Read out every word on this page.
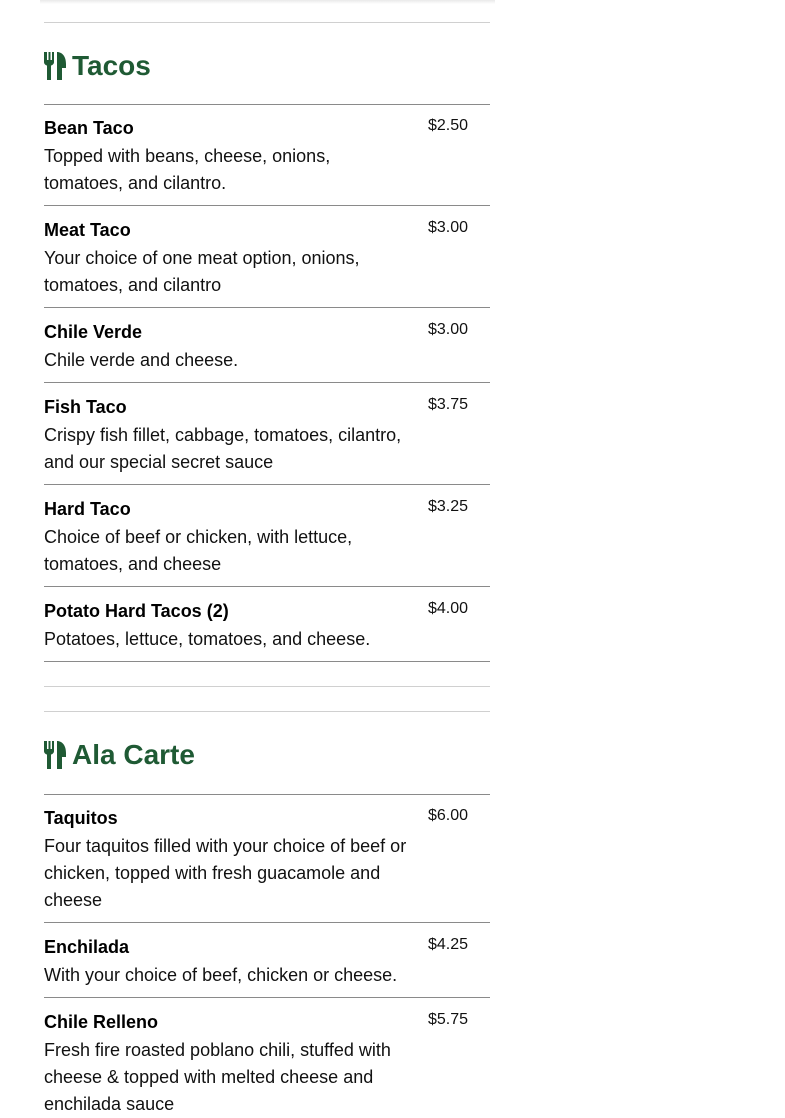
Tacos
Bean Taco
Topped with beans, cheese, onions, tomatoes, and cilantro.
$2.50
Meat Taco
Your choice of one meat option, onions, tomatoes, and cilantro
$3.00
Chile Verde
Chile verde and cheese.
$3.00
Fish Taco
Crispy fish fillet, cabbage, tomatoes, cilantro, and our special secret sauce
$3.75
Hard Taco
Choice of beef or chicken, with lettuce, tomatoes, and cheese
$3.25
Potato Hard Tacos (2)
Potatoes, lettuce, tomatoes, and cheese.
$4.00
Ala Carte
Taquitos
Four taquitos filled with your choice of beef or chicken, topped with fresh guacamole and cheese
$6.00
Enchilada
With your choice of beef, chicken or cheese.
$4.25
Chile Relleno
Fresh fire roasted poblano chili, stuffed with cheese & topped with melted cheese and enchilada sauce
$5.75
